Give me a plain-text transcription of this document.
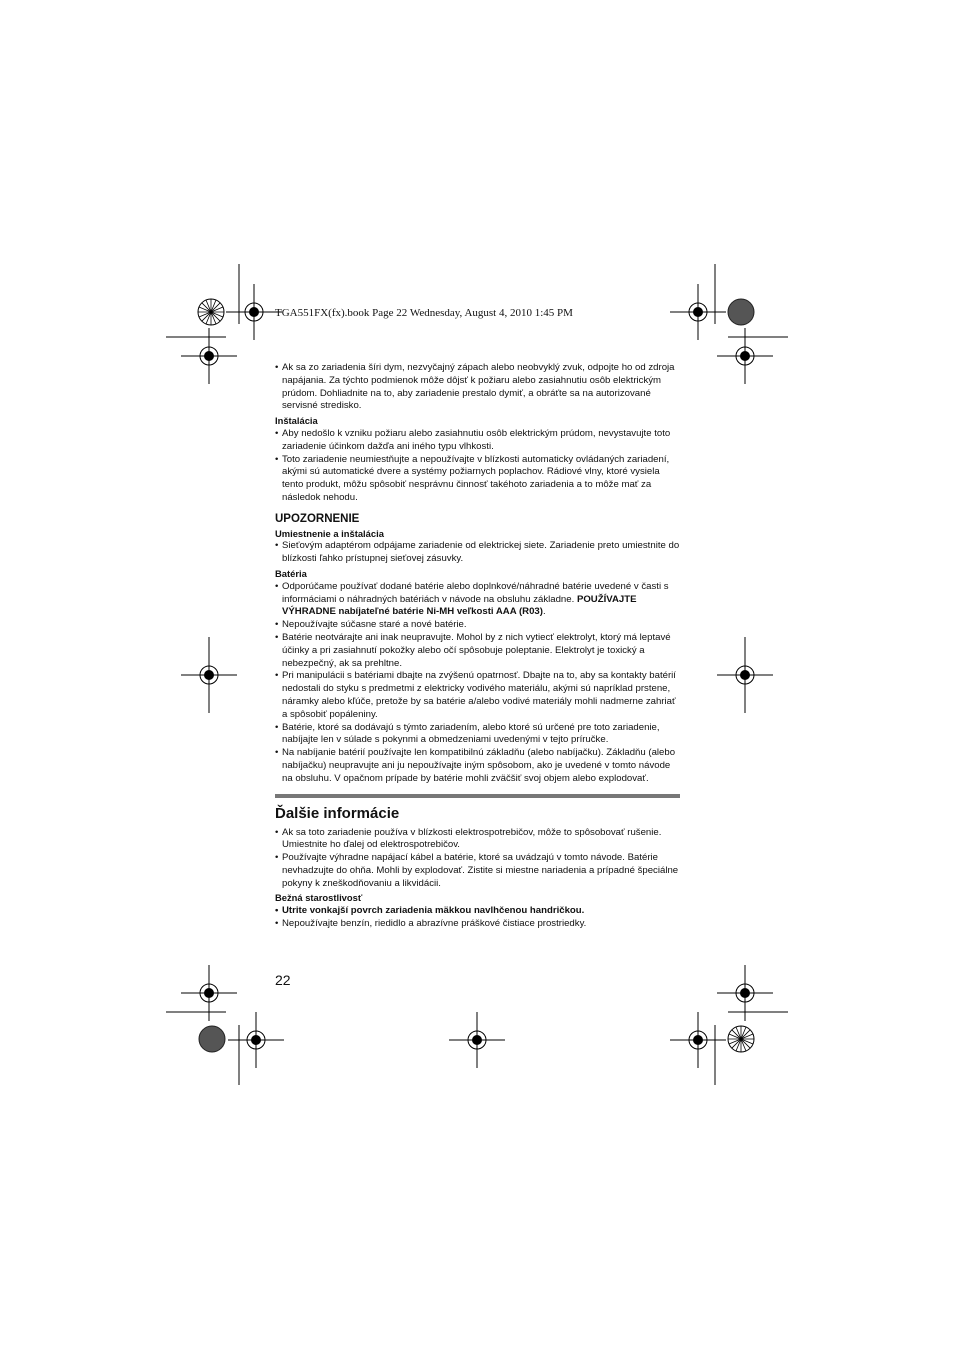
TGA551FX(fx).book Page 22 Wednesday, August 4, 2010 1:45 PM
• Ak sa zo zariadenia šíri dym, nezvyčajný zápach alebo neobvyklý zvuk, odpojte ho od zdroja napájania. Za týchto podmienok môže dôjsť k požiaru alebo zasiahnutiu osôb elektrickým prúdom. Dohliadnite na to, aby zariadenie prestalo dymiť, a obráťte sa na autorizované servisné stredisko.
Inštalácia
• Aby nedošlo k vzniku požiaru alebo zasiahnutiu osôb elektrickým prúdom, nevystavujte toto zariadenie účinkom dažďa ani iného typu vlhkosti.
• Toto zariadenie neumiestňujte a nepoužívajte v blízkosti automaticky ovládaných zariadení, akými sú automatické dvere a systémy požiarnych poplachov. Rádiové vlny, ktoré vysiela tento produkt, môžu spôsobiť nesprávnu činnosť takéhoto zariadenia a to môže mať za následok nehodu.
UPOZORNENIE
Umiestnenie a inštalácia
• Sieťovým adaptérom odpájame zariadenie od elektrickej siete. Zariadenie preto umiestnite do blízkosti ľahko prístupnej sieťovej zásuvky.
Batéria
• Odporúčame používať dodané batérie alebo doplnkové/náhradné batérie uvedené v časti s informáciami o náhradných batériách v návode na obsluhu základne. POUŽÍVAJTE VÝHRADNE nabíjateľné batérie Ni-MH veľkosti AAA (R03).
• Nepoužívajte súčasne staré a nové batérie.
• Batérie neotvárajte ani inak neupravujte. Mohol by z nich vytiecť elektrolyt, ktorý má leptavé účinky a pri zasiahnutí pokožky alebo očí spôsobuje poleptanie. Elektrolyt je toxický a nebezpečný, ak sa prehltne.
• Pri manipulácii s batériami dbajte na zvýšenú opatrnosť. Dbajte na to, aby sa kontakty batérií nedostali do styku s predmetmi z elektricky vodivého materiálu, akými sú napríklad prstene, náramky alebo kľúče, pretože by sa batérie a/alebo vodivé materiály mohli nadmerne zahriať a spôsobiť popáleniny.
• Batérie, ktoré sa dodávajú s týmto zariadením, alebo ktoré sú určené pre toto zariadenie, nabíjajte len v súlade s pokynmi a obmedzeniami uvedenými v tejto príručke.
• Na nabíjanie batérií používajte len kompatibilnú základňu (alebo nabíjačku). Základňu (alebo nabíjačku) neupravujte ani ju nepoužívajte iným spôsobom, ako je uvedené v tomto návode na obsluhu. V opačnom prípade by batérie mohli zväčšiť svoj objem alebo explodovať.
Ďalšie informácie
• Ak sa toto zariadenie používa v blízkosti elektrospotrebičov, môže to spôsobovať rušenie. Umiestnite ho ďalej od elektrospotrebičov.
• Používajte výhradne napájací kábel a batérie, ktoré sa uvádzajú v tomto návode. Batérie nevhadzujte do ohňa. Mohli by explodovať. Zistite si miestne nariadenia a prípadné špeciálne pokyny k zneškodňovaniu a likvidácii.
Bežná starostlivosť
• Utrite vonkajší povrch zariadenia mäkkou navlhčenou handričkou.
• Nepoužívajte benzín, riedidlo a abrazívne práškové čistiace prostriedky.
22
